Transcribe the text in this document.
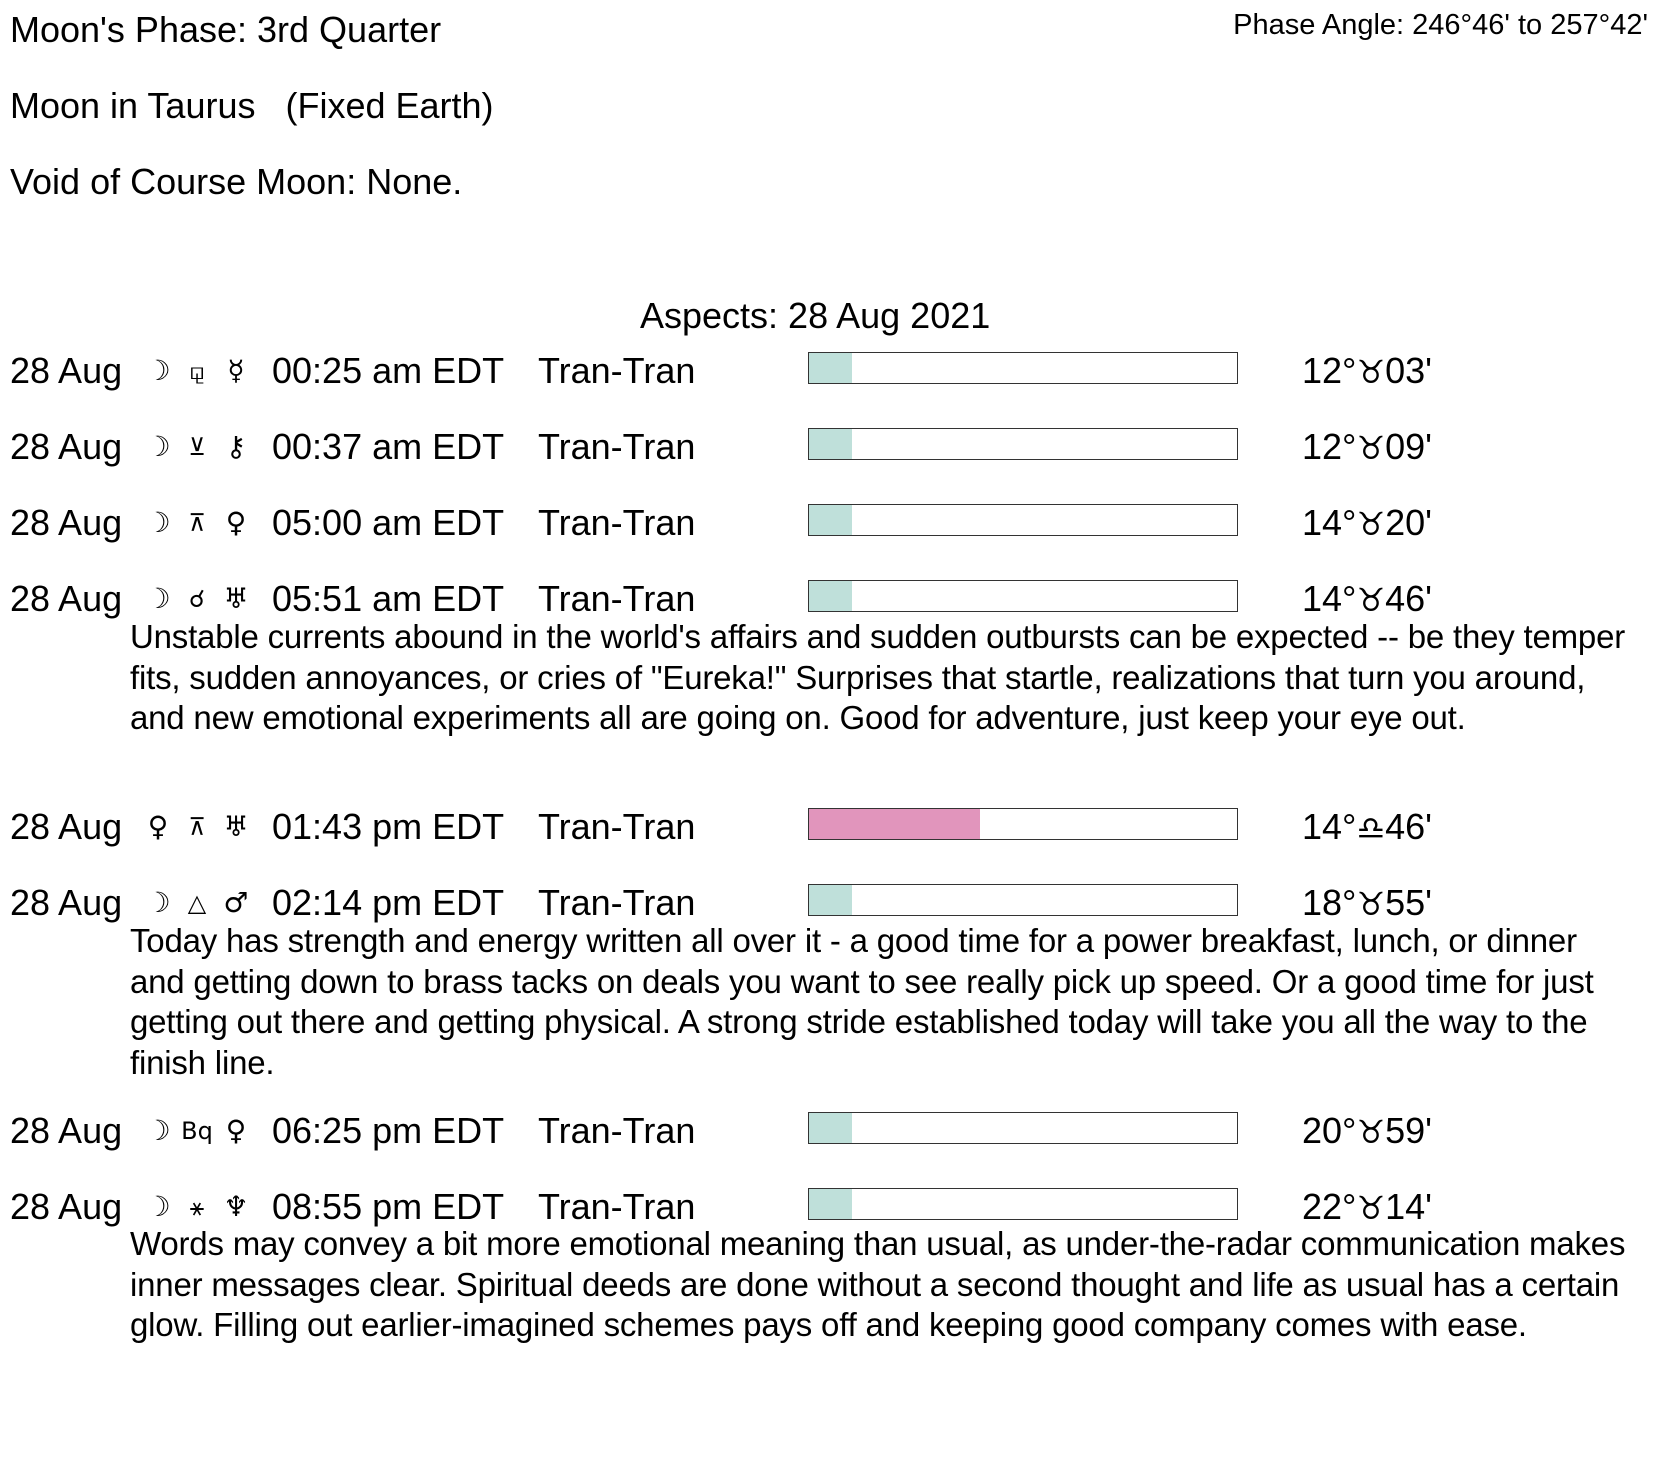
Moon's Phase: 3rd Quarter	Phase Angle: 246°46' to 257°42'
Moon in Taurus   (Fixed Earth)
Void of Course Moon: None.
Aspects: 28 Aug 2021
28 Aug ☽ ⚼ ☿ 00:25 am EDT Tran-Tran	12°♉03'
28 Aug ☽ ⊻ ⚷ 00:37 am EDT Tran-Tran	12°♉09'
28 Aug ☽ ⊼ ♀ 05:00 am EDT Tran-Tran	14°♉20'
28 Aug ☽ ☌ ♅ 05:51 am EDT Tran-Tran	14°♉46'
Unstable currents abound in the world's affairs and sudden outbursts can be expected -- be they temper fits, sudden annoyances, or cries of "Eureka!" Surprises that startle, realizations that turn you around, and new emotional experiments all are going on. Good for adventure, just keep your eye out.
28 Aug ♀ ⊼ ♅ 01:43 pm EDT Tran-Tran	14°♎46'
28 Aug ☽ △ ♂ 02:14 pm EDT Tran-Tran	18°♉55'
Today has strength and energy written all over it - a good time for a power breakfast, lunch, or dinner and getting down to brass tacks on deals you want to see really pick up speed. Or a good time for just getting out there and getting physical. A strong stride established today will take you all the way to the finish line.
28 Aug ☽ Bq ♀ 06:25 pm EDT Tran-Tran	20°♉59'
28 Aug ☽ ⚹ ♆ 08:55 pm EDT Tran-Tran	22°♉14'
Words may convey a bit more emotional meaning than usual, as under-the-radar communication makes inner messages clear. Spiritual deeds are done without a second thought and life as usual has a certain glow. Filling out earlier-imagined schemes pays off and keeping good company comes with ease.
